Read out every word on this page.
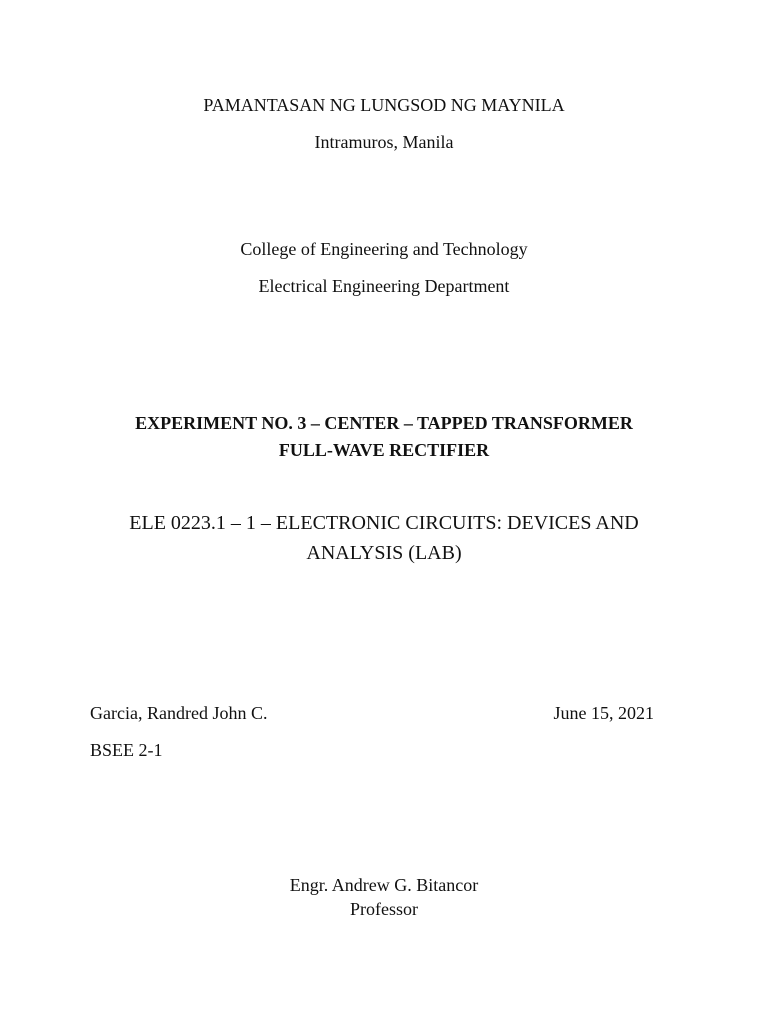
PAMANTASAN NG LUNGSOD NG MAYNILA
Intramuros, Manila
College of Engineering and Technology
Electrical Engineering Department
EXPERIMENT NO. 3 – CENTER – TAPPED TRANSFORMER
FULL-WAVE RECTIFIER
ELE 0223.1 – 1 – ELECTRONIC CIRCUITS: DEVICES AND
ANALYSIS (LAB)
Garcia, Randred John C.	June 15, 2021
BSEE 2-1
Engr. Andrew G. Bitancor
Professor
